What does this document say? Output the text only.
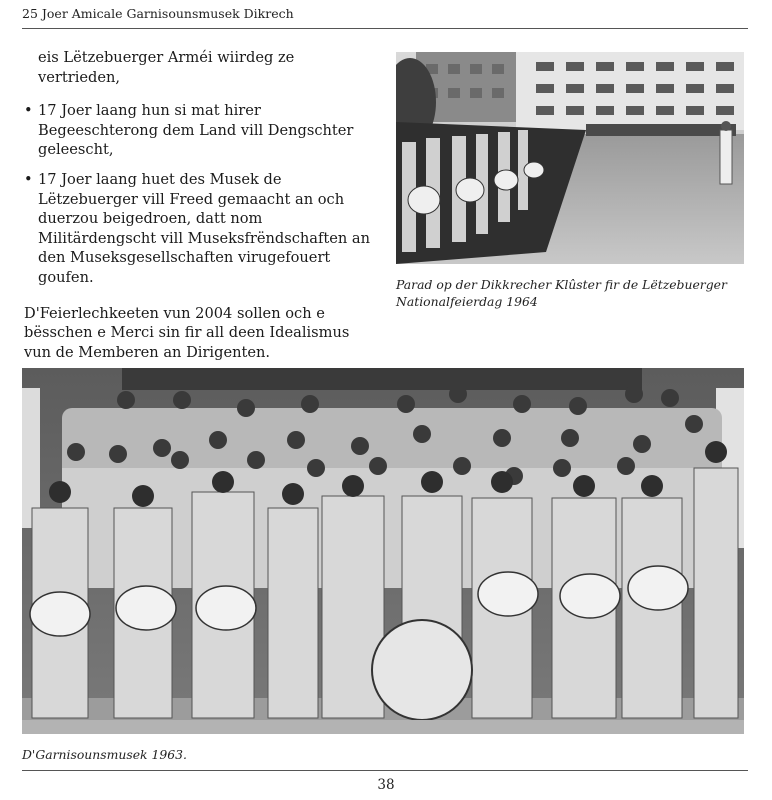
25 Joer Amicale Garnisounsmusek Dikrech

eis Lëtzebuerger Arméi wiirdeg ze vertrieden,

• 17 Joer laang hun si mat hirer Begeeschterong dem Land vill Dengschter geleescht,
• 17 Joer laang huet des Musek de Lëtzebuerger vill Freed gemaacht an och duerzou beigedroen, datt nom Militärdengscht vill Museksfrëndschaften an den Museksgesellschaften virugefouert goufen.

D'Feierlechkeeten vun 2004 sollen och e bësschen e Merci sin fir all deen Idealismus vun de Memberen an Dirigenten.

Parad op der Dikkrecher Klûster fir de Lëtzebuerger Nationalfeierdag 1964
D'Garnisounsmusek 1963.
38
